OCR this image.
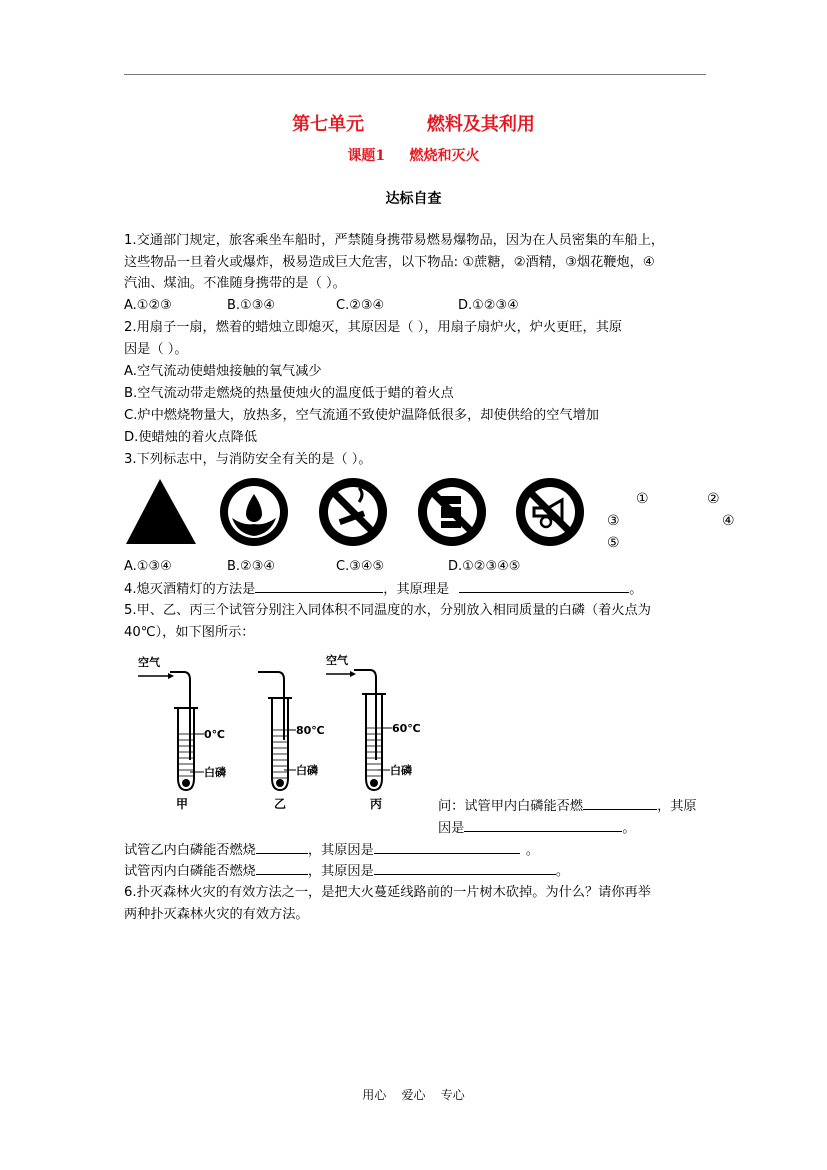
第七单元          燃料及其利用
课题1     燃烧和灭火
达标自查
1.交通部门规定，旅客乘坐车船时，严禁随身携带易燃易爆物品，因为在人员密集的车船上，
这些物品一旦着火或爆炸，极易造成巨大危害，以下物品: ①蔗糖，②酒精，③烟花鞭炮，④
汽油、煤油。不准随身携带的是（ ）。
A.①②③	B.①③④	C.②③④	D.①②③④
2.用扇子一扇，燃着的蜡烛立即熄灭，其原因是（ ），用扇子扇炉火，炉火更旺，其原
因是（ ）。
A.空气流动使蜡烛接触的氧气减少
B.空气流动带走燃烧的热量使烛火的温度低于蜡的着火点
C.炉中燃烧物量大，放热多，空气流通不致使炉温降低很多，却使供给的空气增加
D.使蜡烛的着火点降低
3.下列标志中，与消防安全有关的是（ ）。
①	②
③	④
⑤
A.①③④	B.②③④	C.③④⑤	D.①②③④⑤
4.熄灭酒精灯的方法是	，其原理是	。
5.甲、乙、丙三个试管分别注入同体积不同温度的水，分别放入相同质量的白磷（着火点为
40℃），如下图所示：
空气
0℃
白磷
甲
80℃
白磷
乙
空气
60℃
白磷
丙	问：试管甲内白磷能否燃	，其原
因是	。
试管乙内白磷能否燃烧	，其原因是	。
试管丙内白磷能否燃烧	，其原因是	。
6.扑灭森林火灾的有效方法之一，是把大火蔓延线路前的一片树木砍掉。为什么？请你再举
两种扑灭森林火灾的有效方法。
用心    爱心    专心
